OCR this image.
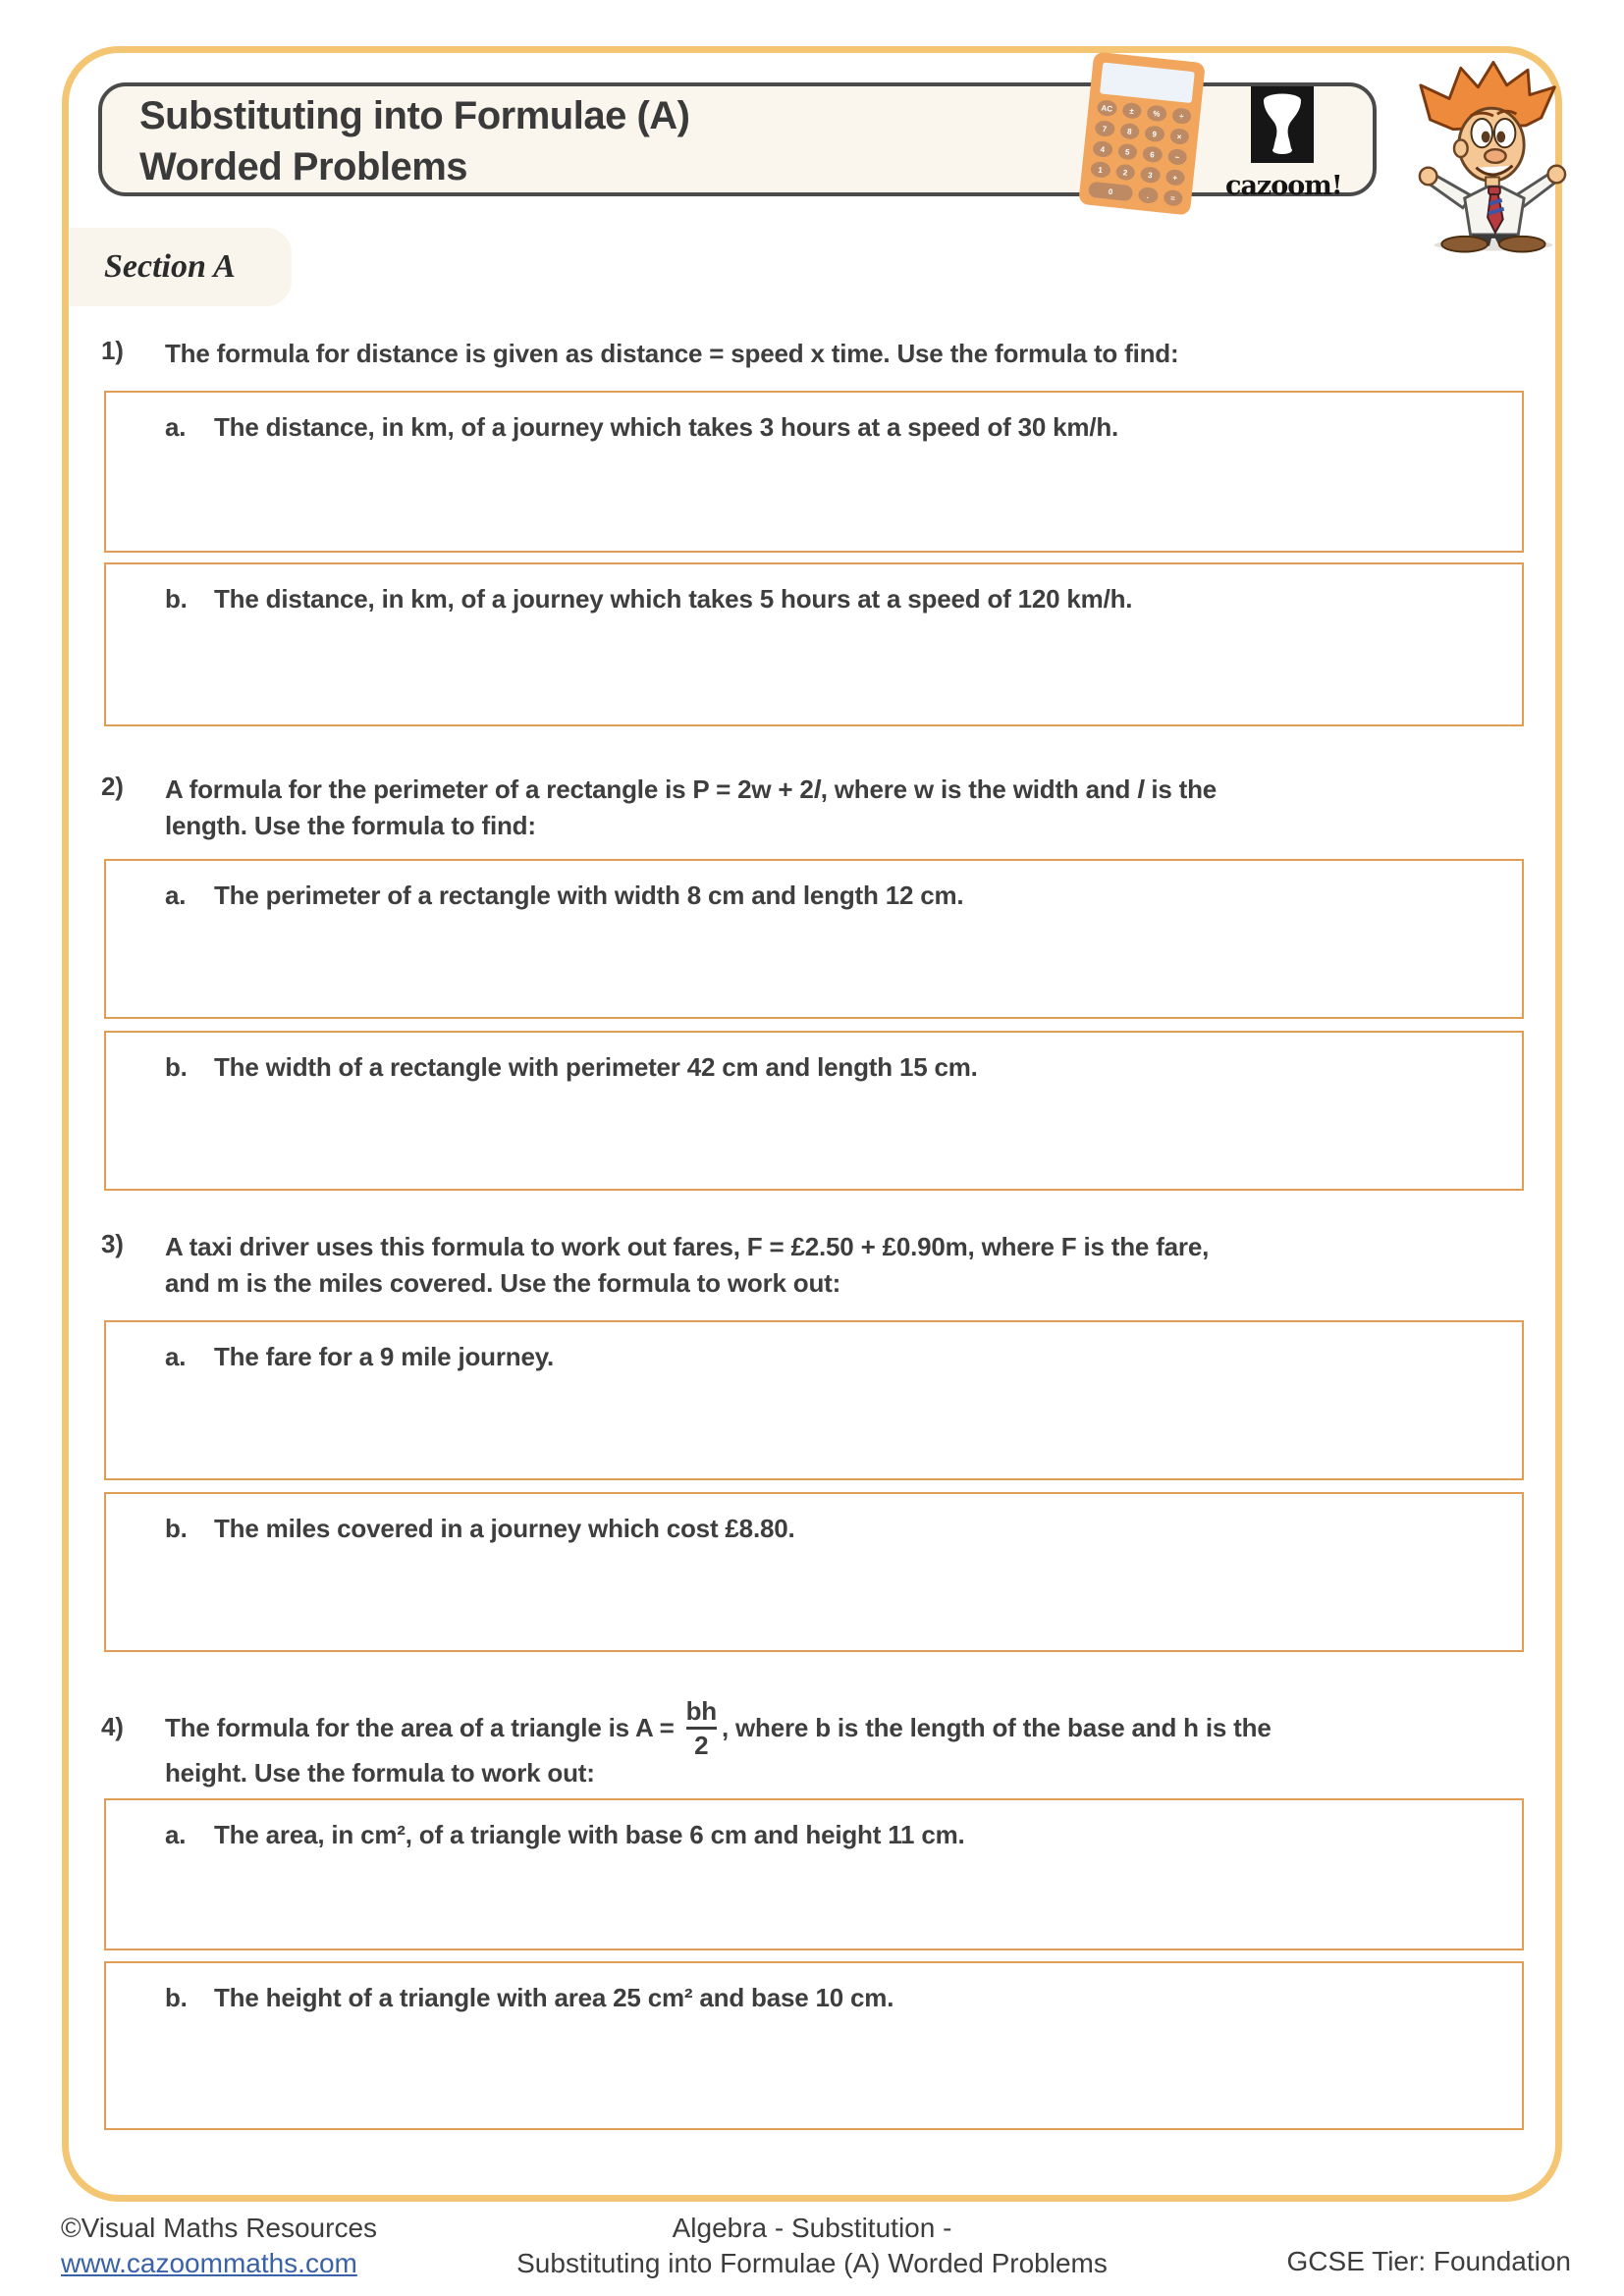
Substituting into Formulae (A)
Worded Problems
AC	±	%	÷
7	8	9	×
4	5	6	−
1	2	3	+
0	.	= cazoom!
Section A
1) The formula for distance is given as distance = speed x time. Use the formula to find:
a. The distance, in km, of a journey which takes 3 hours at a speed of 30 km/h.
b. The distance, in km, of a journey which takes 5 hours at a speed of 120 km/h.
2) A formula for the perimeter of a rectangle is P = 2w + 2l, where w is the width and l is the
length. Use the formula to find:
a. The perimeter of a rectangle with width 8 cm and length 12 cm.
b. The width of a rectangle with perimeter 42 cm and length 15 cm.
3) A taxi driver uses this formula to work out fares, F = £2.50 + £0.90m, where F is the fare,
and m is the miles covered. Use the formula to work out:
a. The fare for a 9 mile journey.
b. The miles covered in a journey which cost £8.80.
4) The formula for the area of a triangle is $A = \frac{bh}{2}$ , where b is the length of the base and h is the
height. Use the formula to work out:
a. The area, in cm², of a triangle with base 6 cm and height 11 cm.
b. The height of a triangle with area 25 cm² and base 10 cm.
©Visual Maths Resources
www.cazoommaths.com
Algebra - Substitution -
Substituting into Formulae (A) Worded Problems	GCSE Tier: Foundation
